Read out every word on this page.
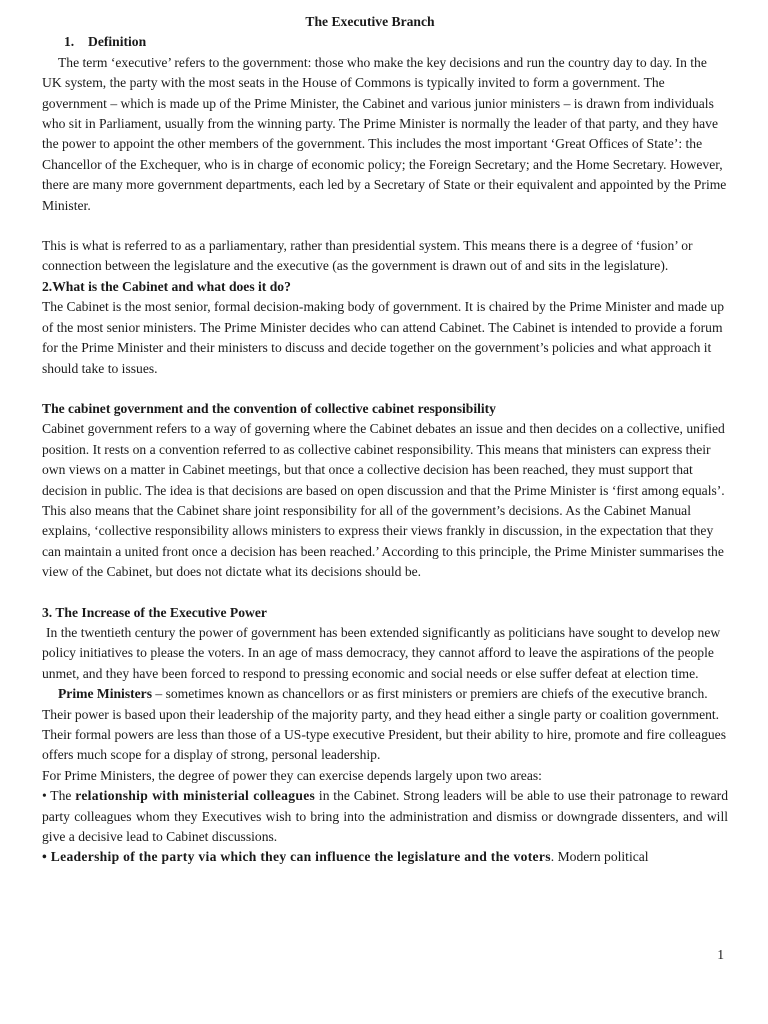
The Executive Branch
1. Definition

The term ‘executive’ refers to the government: those who make the key decisions and run the country day to day. In the UK system, the party with the most seats in the House of Commons is typically invited to form a government. The government – which is made up of the Prime Minister, the Cabinet and various junior ministers – is drawn from individuals who sit in Parliament, usually from the winning party. The Prime Minister is normally the leader of that party, and they have the power to appoint the other members of the government. This includes the most important ‘Great Offices of State’: the Chancellor of the Exchequer, who is in charge of economic policy; the Foreign Secretary; and the Home Secretary. However, there are many more government departments, each led by a Secretary of State or their equivalent and appointed by the Prime Minister.

This is what is referred to as a parliamentary, rather than presidential system. This means there is a degree of ‘fusion’ or connection between the legislature and the executive (as the government is drawn out of and sits in the legislature).

2.What is the Cabinet and what does it do?

The Cabinet is the most senior, formal decision-making body of government. It is chaired by the Prime Minister and made up of the most senior ministers. The Prime Minister decides who can attend Cabinet. The Cabinet is intended to provide a forum for the Prime Minister and their ministers to discuss and decide together on the government’s policies and what approach it should take to issues.

The cabinet government and the convention of collective cabinet responsibility

Cabinet government refers to a way of governing where the Cabinet debates an issue and then decides on a collective, unified position. It rests on a convention referred to as collective cabinet responsibility. This means that ministers can express their own views on a matter in Cabinet meetings, but that once a collective decision has been reached, they must support that decision in public. The idea is that decisions are based on open discussion and that the Prime Minister is ‘first among equals’. This also means that the Cabinet share joint responsibility for all of the government’s decisions. As the Cabinet Manual explains, ‘collective responsibility allows ministers to express their views frankly in discussion, in the expectation that they can maintain a united front once a decision has been reached.’ According to this principle, the Prime Minister summarises the view of the Cabinet, but does not dictate what its decisions should be.

3. The Increase of the Executive Power

In the twentieth century the power of government has been extended significantly as politicians have sought to develop new policy initiatives to please the voters. In an age of mass democracy, they cannot afford to leave the aspirations of the people unmet, and they have been forced to respond to pressing economic and social needs or else suffer defeat at election time.

Prime Ministers – sometimes known as chancellors or as first ministers or premiers are chiefs of the executive branch. Their power is based upon their leadership of the majority party, and they head either a single party or coalition government. Their formal powers are less than those of a US-type executive President, but their ability to hire, promote and fire colleagues offers much scope for a display of strong, personal leadership.

For Prime Ministers, the degree of power they can exercise depends largely upon two areas:

• The relationship with ministerial colleagues in the Cabinet. Strong leaders will be able to use their patronage to reward party colleagues whom they Executives wish to bring into the administration and dismiss or downgrade dissenters, and will give a decisive lead to Cabinet discussions.

• Leadership of the party via which they can influence the legislature and the voters. Modern political

1
